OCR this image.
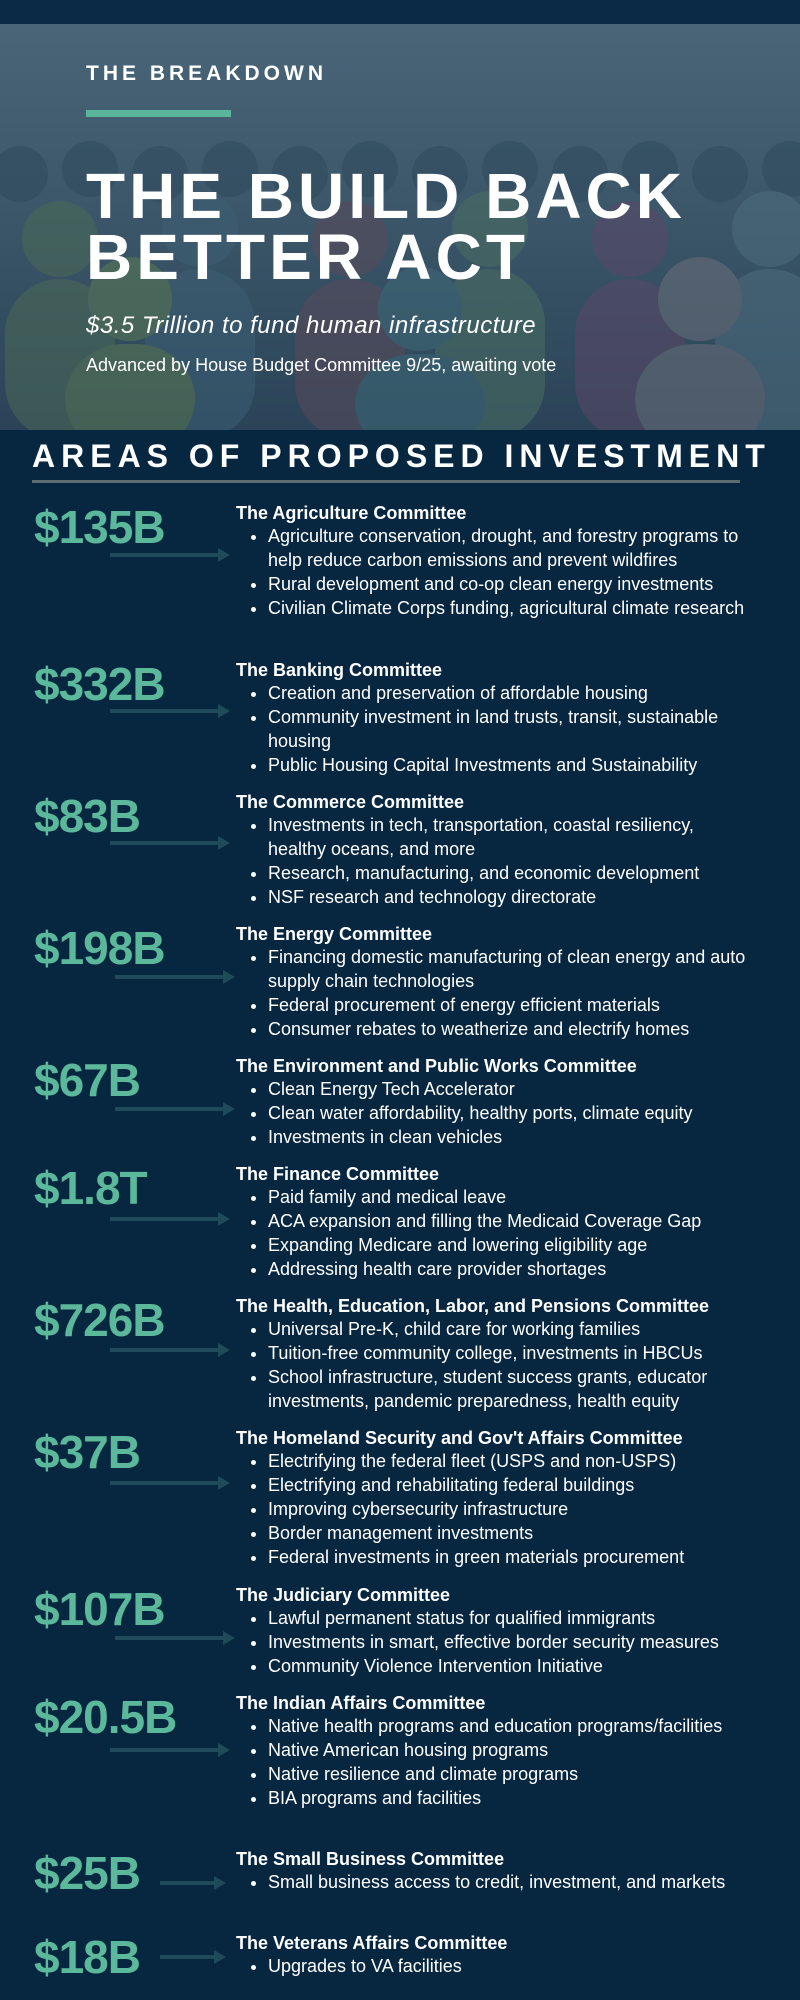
THE BREAKDOWN
THE BUILD BACK BETTER ACT
$3.5 Trillion to fund human infrastructure
Advanced by House Budget Committee 9/25, awaiting vote
AREAS OF PROPOSED INVESTMENT
$135B	The Agriculture Committee
• Agriculture conservation, drought, and forestry programs to help reduce carbon emissions and prevent wildfires
• Rural development and co-op clean energy investments
• Civilian Climate Corps funding, agricultural climate research
$332B	The Banking Committee
• Creation and preservation of affordable housing
• Community investment in land trusts, transit, sustainable housing
• Public Housing Capital Investments and Sustainability
$83B	The Commerce Committee
• Investments in tech, transportation, coastal resiliency, healthy oceans, and more
• Research, manufacturing, and economic development
• NSF research and technology directorate
$198B	The Energy Committee
• Financing domestic manufacturing of clean energy and auto supply chain technologies
• Federal procurement of energy efficient materials
• Consumer rebates to weatherize and electrify homes
$67B	The Environment and Public Works Committee
• Clean Energy Tech Accelerator
• Clean water affordability, healthy ports, climate equity
• Investments in clean vehicles
$1.8T	The Finance Committee
• Paid family and medical leave
• ACA expansion and filling the Medicaid Coverage Gap
• Expanding Medicare and lowering eligibility age
• Addressing health care provider shortages
$726B	The Health, Education, Labor, and Pensions Committee
• Universal Pre-K, child care for working families
• Tuition-free community college, investments in HBCUs
• School infrastructure, student success grants, educator investments, pandemic preparedness, health equity
$37B	The Homeland Security and Gov't Affairs Committee
• Electrifying the federal fleet (USPS and non-USPS)
• Electrifying and rehabilitating federal buildings
• Improving cybersecurity infrastructure
• Border management investments
• Federal investments in green materials procurement
$107B	The Judiciary Committee
• Lawful permanent status for qualified immigrants
• Investments in smart, effective border security measures
• Community Violence Intervention Initiative
$20.5B	The Indian Affairs Committee
• Native health programs and education programs/facilities
• Native American housing programs
• Native resilience and climate programs
• BIA programs and facilities
$25B	The Small Business Committee
• Small business access to credit, investment, and markets
$18B	The Veterans Affairs Committee
• Upgrades to VA facilities
